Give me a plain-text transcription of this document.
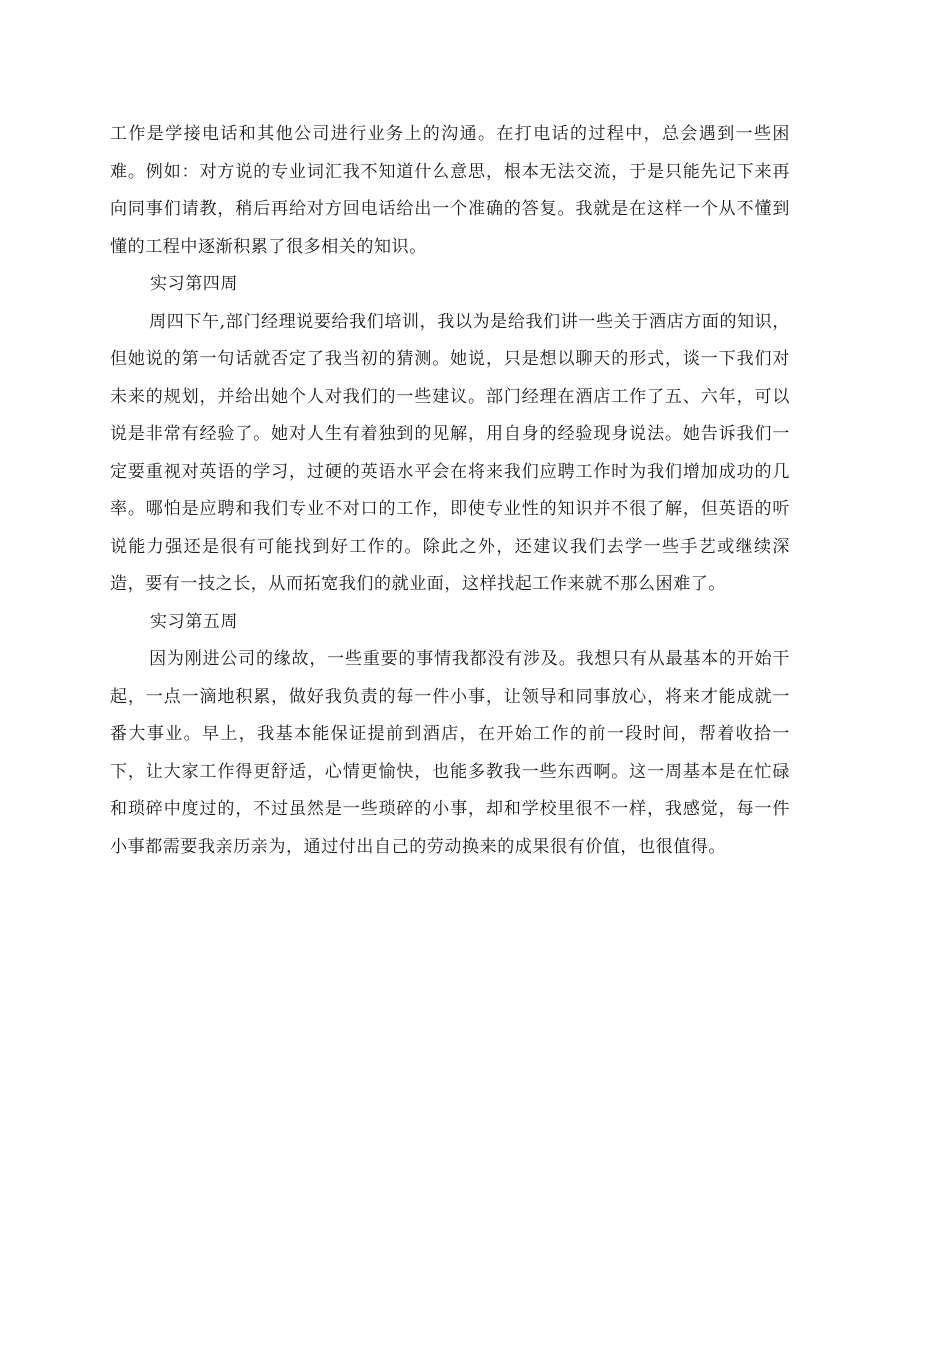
工作是学接电话和其他公司进行业务上的沟通。在打电话的过程中，总会遇到一些困难。例如：对方说的专业词汇我不知道什么意思，根本无法交流，于是只能先记下来再向同事们请教，稍后再给对方回电话给出一个准确的答复。我就是在这样一个从不懂到懂的工程中逐渐积累了很多相关的知识。

实习第四周

周四下午,部门经理说要给我们培训，我以为是给我们讲一些关于酒店方面的知识，但她说的第一句话就否定了我当初的猜测。她说，只是想以聊天的形式，谈一下我们对未来的规划，并给出她个人对我们的一些建议。部门经理在酒店工作了五、六年，可以说是非常有经验了。她对人生有着独到的见解，用自身的经验现身说法。她告诉我们一定要重视对英语的学习，过硬的英语水平会在将来我们应聘工作时为我们增加成功的几率。哪怕是应聘和我们专业不对口的工作，即使专业性的知识并不很了解，但英语的听说能力强还是很有可能找到好工作的。除此之外，还建议我们去学一些手艺或继续深造，要有一技之长，从而拓宽我们的就业面，这样找起工作来就不那么困难了。

实习第五周

因为刚进公司的缘故，一些重要的事情我都没有涉及。我想只有从最基本的开始干起，一点一滴地积累，做好我负责的每一件小事，让领导和同事放心，将来才能成就一番大事业。早上，我基本能保证提前到酒店，在开始工作的前一段时间，帮着收拾一下，让大家工作得更舒适，心情更愉快，也能多教我一些东西啊。这一周基本是在忙碌和琐碎中度过的，不过虽然是一些琐碎的小事，却和学校里很不一样，我感觉，每一件小事都需要我亲历亲为，通过付出自己的劳动换来的成果很有价值，也很值得。
